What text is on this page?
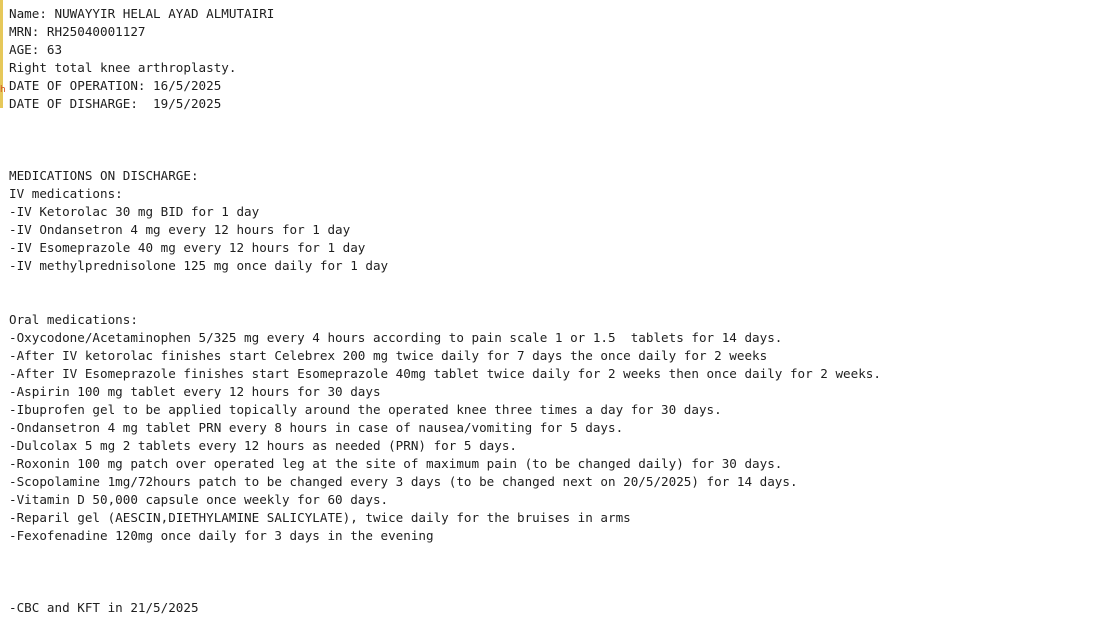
h
Name: NUWAYYIR HELAL AYAD ALMUTAIRI
MRN: RH25040001127
AGE: 63
Right total knee arthroplasty.
DATE OF OPERATION: 16/5/2025
DATE OF DISHARGE:  19/5/2025
MEDICATIONS ON DISCHARGE:
IV medications:
-IV Ketorolac 30 mg BID for 1 day
-IV Ondansetron 4 mg every 12 hours for 1 day
-IV Esomeprazole 40 mg every 12 hours for 1 day
-IV methylprednisolone 125 mg once daily for 1 day
Oral medications:
-Oxycodone/Acetaminophen 5/325 mg every 4 hours according to pain scale 1 or 1.5  tablets for 14 days.
-After IV ketorolac finishes start Celebrex 200 mg twice daily for 7 days the once daily for 2 weeks
-After IV Esomeprazole finishes start Esomeprazole 40mg tablet twice daily for 2 weeks then once daily for 2 weeks.
-Aspirin 100 mg tablet every 12 hours for 30 days
-Ibuprofen gel to be applied topically around the operated knee three times a day for 30 days.
-Ondansetron 4 mg tablet PRN every 8 hours in case of nausea/vomiting for 5 days.
-Dulcolax 5 mg 2 tablets every 12 hours as needed (PRN) for 5 days.
-Roxonin 100 mg patch over operated leg at the site of maximum pain (to be changed daily) for 30 days.
-Scopolamine 1mg/72hours patch to be changed every 3 days (to be changed next on 20/5/2025) for 14 days.
-Vitamin D 50,000 capsule once weekly for 60 days.
-Reparil gel (AESCIN,DIETHYLAMINE SALICYLATE), twice daily for the bruises in arms
-Fexofenadine 120mg once daily for 3 days in the evening
-CBC and KFT in 21/5/2025
